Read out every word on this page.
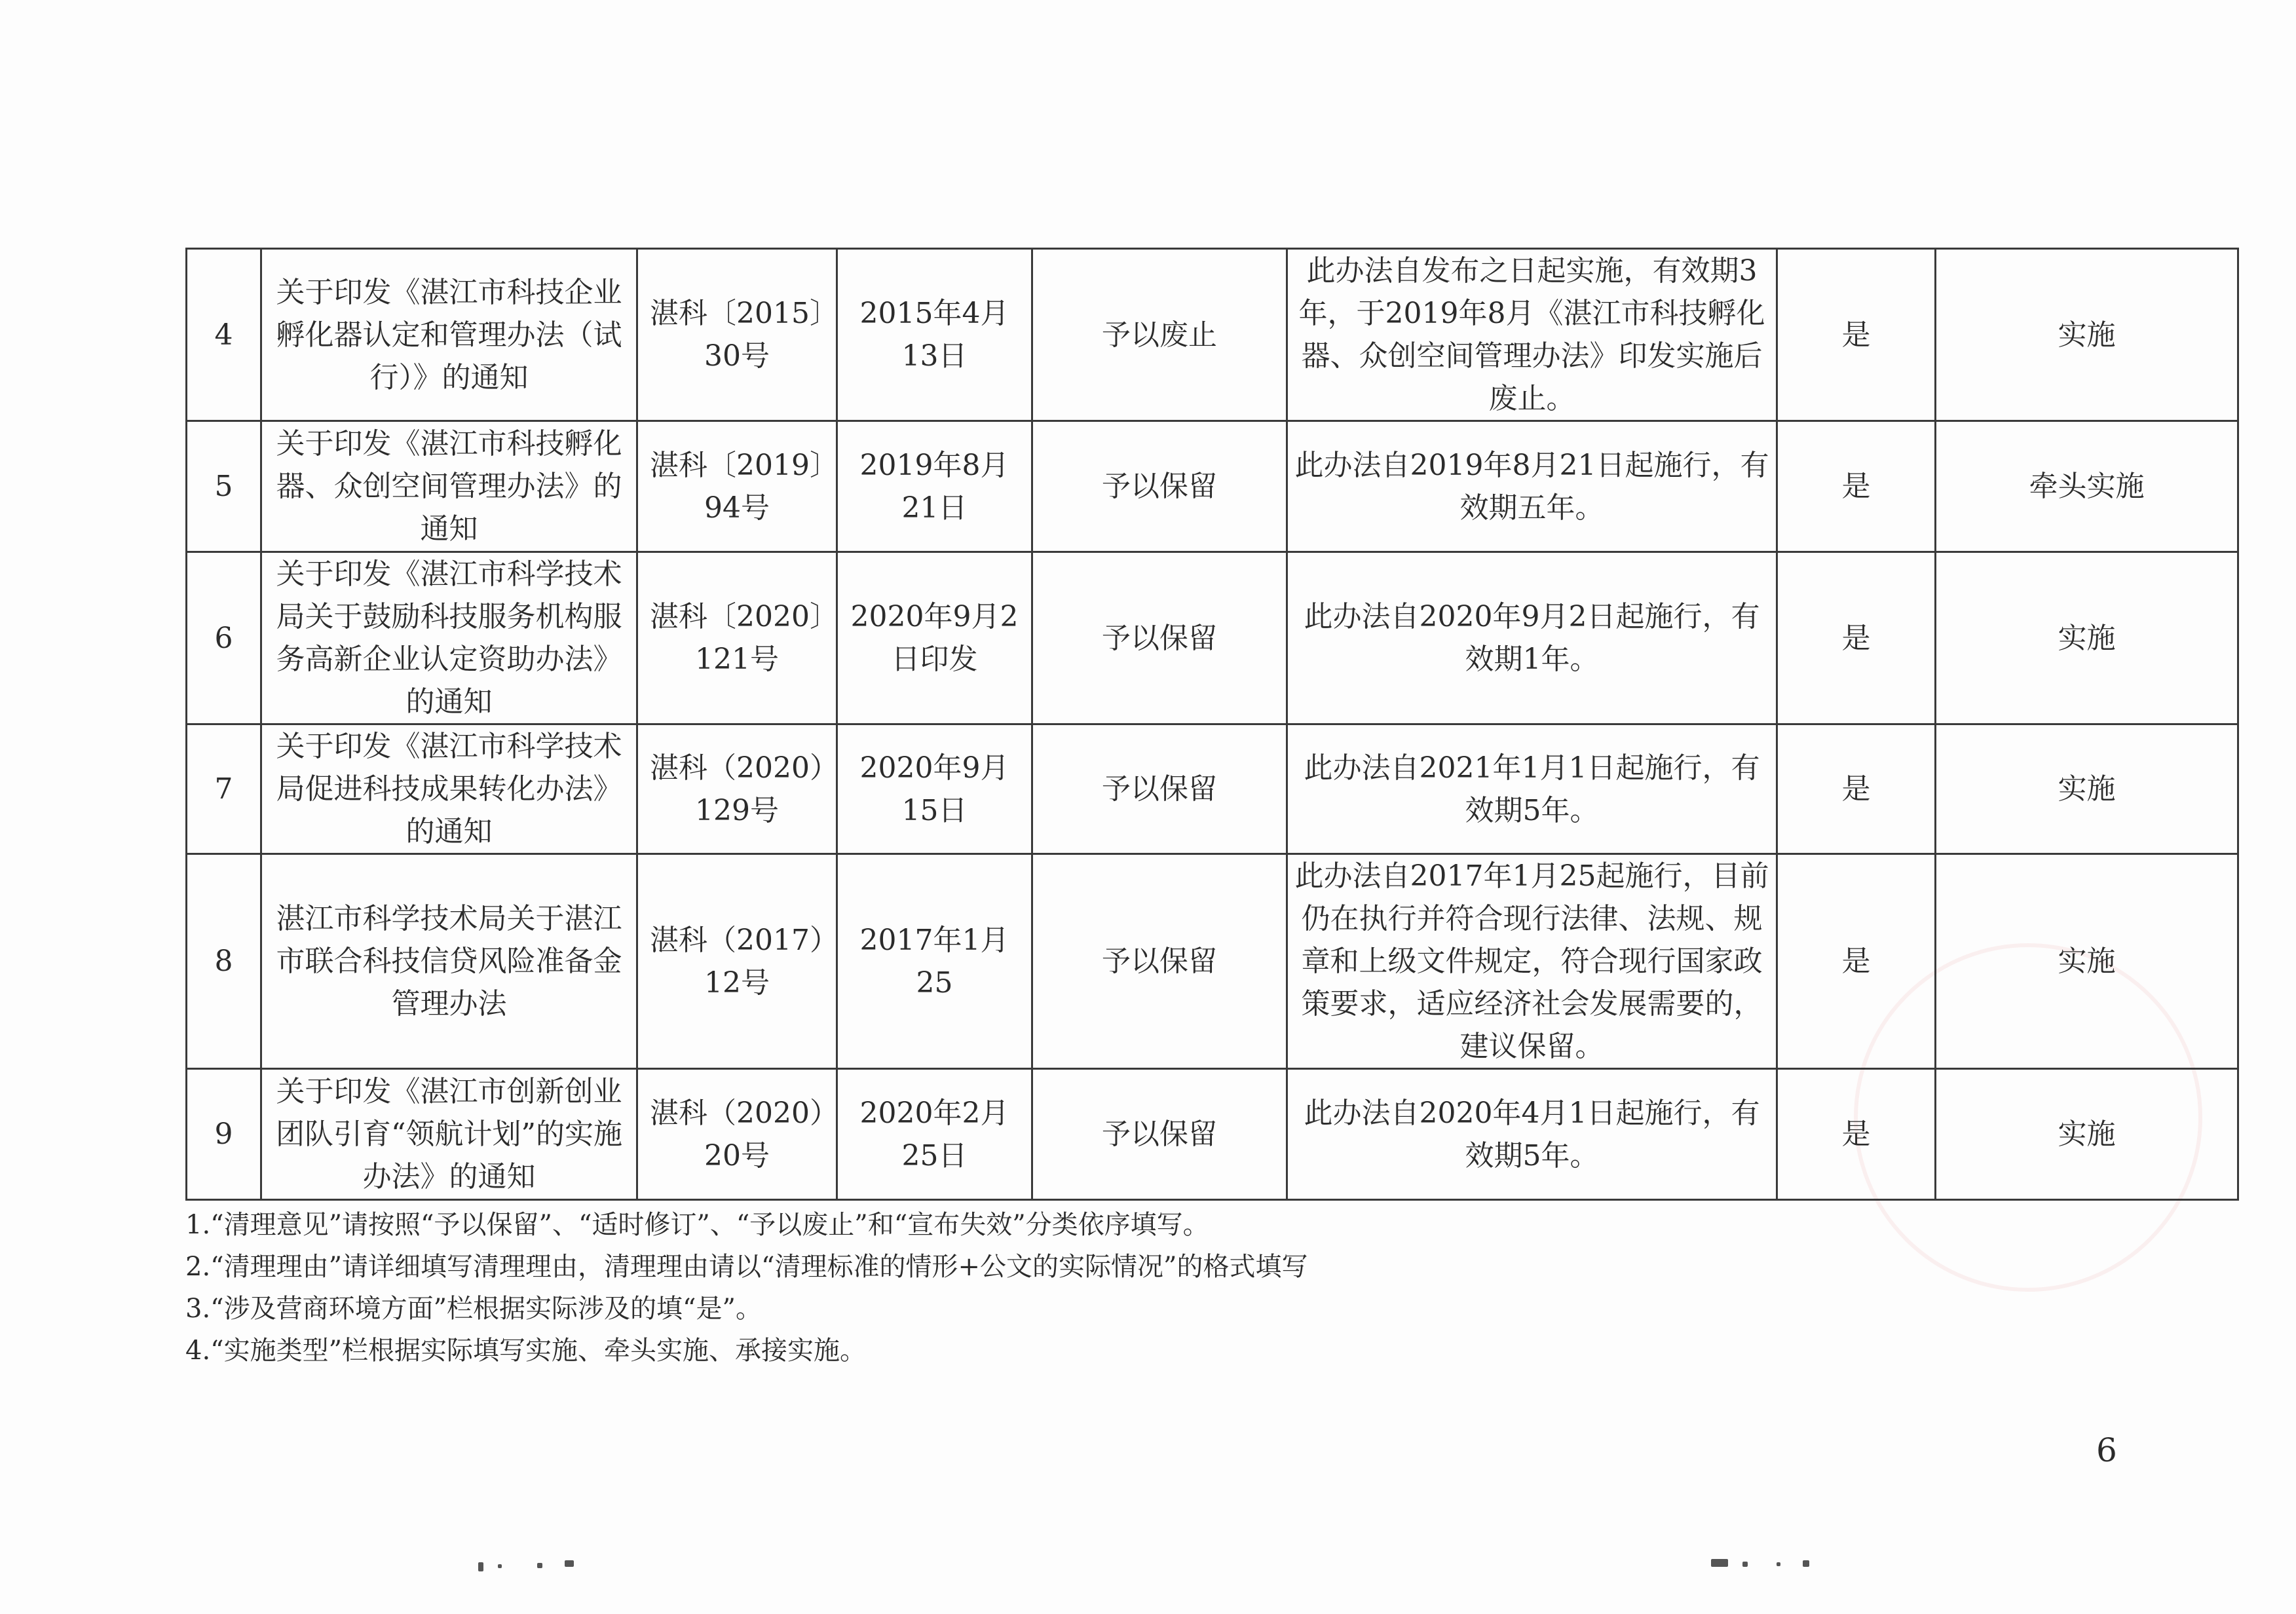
4	关于印发《湛江市科技企业孵化器认定和管理办法（试行）》的通知	湛科〔2015〕30号	2015年4月13日	予以废止	此办法自发布之日起实施，有效期3年，于2019年8月《湛江市科技孵化器、众创空间管理办法》印发实施后废止。	是	实施
5	关于印发《湛江市科技孵化器、众创空间管理办法》的通知	湛科〔2019〕94号	2019年8月21日	予以保留	此办法自2019年8月21日起施行，有效期五年。	是	牵头实施
6	关于印发《湛江市科学技术局关于鼓励科技服务机构服务高新企业认定资助办法》的通知	湛科〔2020〕121号	2020年9月2日印发	予以保留	此办法自2020年9月2日起施行，有效期1年。	是	实施
7	关于印发《湛江市科学技术局促进科技成果转化办法》的通知	湛科（2020）129号	2020年9月15日	予以保留	此办法自2021年1月1日起施行，有效期5年。	是	实施
8	湛江市科学技术局关于湛江市联合科技信贷风险准备金管理办法	湛科（2017）12号	2017年1月25	予以保留	此办法自2017年1月25起施行，目前仍在执行并符合现行法律、法规、规章和上级文件规定，符合现行国家政策要求，适应经济社会发展需要的，建议保留。	是	实施
9	关于印发《湛江市创新创业团队引育“领航计划”的实施办法》的通知	湛科（2020）20号	2020年2月25日	予以保留	此办法自2020年4月1日起施行，有效期5年。	是	实施
1.“清理意见”请按照“予以保留”、“适时修订”、“予以废止”和“宣布失效”分类依序填写。
2.“清理理由”请详细填写清理理由，清理理由请以“清理标准的情形+公文的实际情况”的格式填写
3.“涉及营商环境方面”栏根据实际涉及的填“是”。
4.“实施类型”栏根据实际填写实施、牵头实施、承接实施。
6
